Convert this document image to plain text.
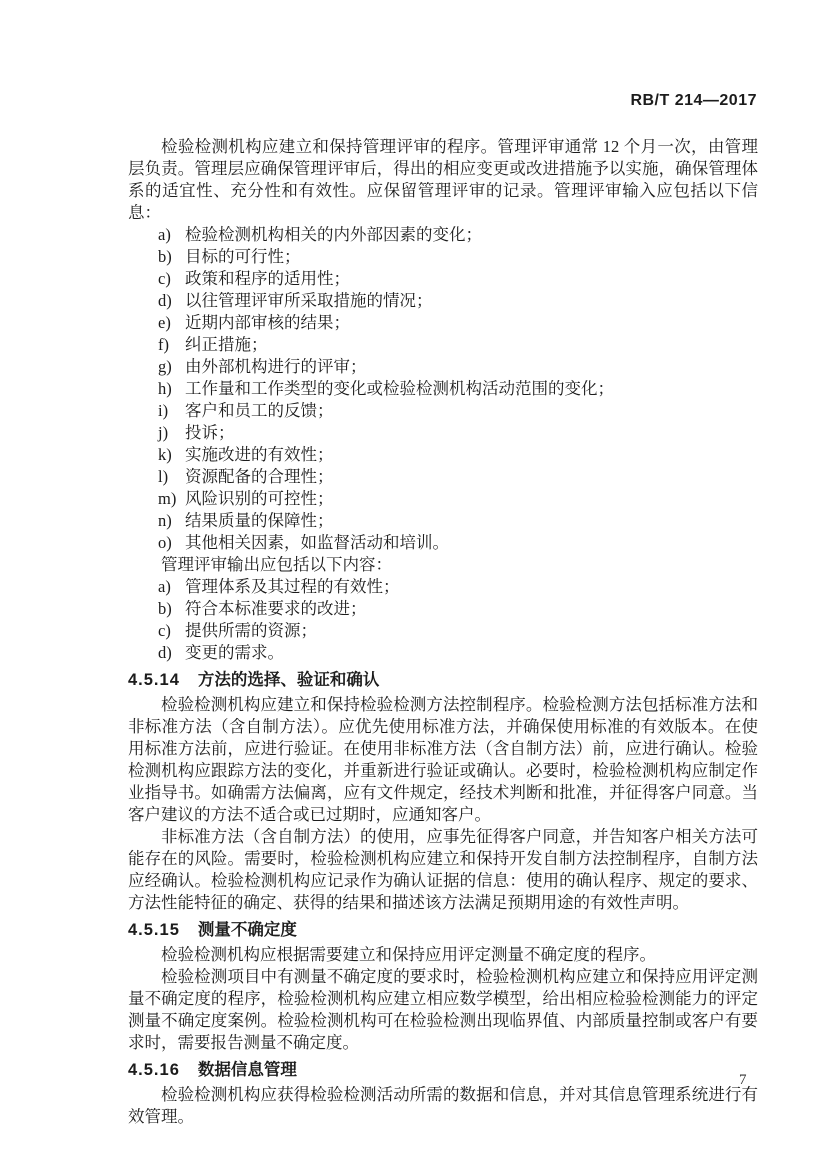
RB/T 214—2017

检验检测机构应建立和保持管理评审的程序。管理评审通常 12 个月一次，由管理层负责。管理层应确保管理评审后，得出的相应变更或改进措施予以实施，确保管理体系的适宜性、充分性和有效性。应保留管理评审的记录。管理评审输入应包括以下信息：

a) 检验检测机构相关的内外部因素的变化；
b) 目标的可行性；
c) 政策和程序的适用性；
d) 以往管理评审所采取措施的情况；
e) 近期内部审核的结果；
f) 纠正措施；
g) 由外部机构进行的评审；
h) 工作量和工作类型的变化或检验检测机构活动范围的变化；
i) 客户和员工的反馈；
j) 投诉；
k) 实施改进的有效性；
l) 资源配备的合理性；
m) 风险识别的可控性；
n) 结果质量的保障性；
o) 其他相关因素，如监督活动和培训。

管理评审输出应包括以下内容：

a) 管理体系及其过程的有效性；
b) 符合本标准要求的改进；
c) 提供所需的资源；
d) 变更的需求。
4.5.14 方法的选择、验证和确认

检验检测机构应建立和保持检验检测方法控制程序。检验检测方法包括标准方法和非标准方法（含自制方法）。应优先使用标准方法，并确保使用标准的有效版本。在使用标准方法前，应进行验证。在使用非标准方法（含自制方法）前，应进行确认。检验检测机构应跟踪方法的变化，并重新进行验证或确认。必要时，检验检测机构应制定作业指导书。如确需方法偏离，应有文件规定，经技术判断和批准，并征得客户同意。当客户建议的方法不适合或已过期时，应通知客户。

非标准方法（含自制方法）的使用，应事先征得客户同意，并告知客户相关方法可能存在的风险。需要时，检验检测机构应建立和保持开发自制方法控制程序，自制方法应经确认。检验检测机构应记录作为确认证据的信息：使用的确认程序、规定的要求、方法性能特征的确定、获得的结果和描述该方法满足预期用途的有效性声明。

4.5.15 测量不确定度

检验检测机构应根据需要建立和保持应用评定测量不确定度的程序。

检验检测项目中有测量不确定度的要求时，检验检测机构应建立和保持应用评定测量不确定度的程序，检验检测机构应建立相应数学模型，给出相应检验检测能力的评定测量不确定度案例。检验检测机构可在检验检测出现临界值、内部质量控制或客户有要求时，需要报告测量不确定度。

4.5.16 数据信息管理

检验检测机构应获得检验检测活动所需的数据和信息，并对其信息管理系统进行有效管理。

7
